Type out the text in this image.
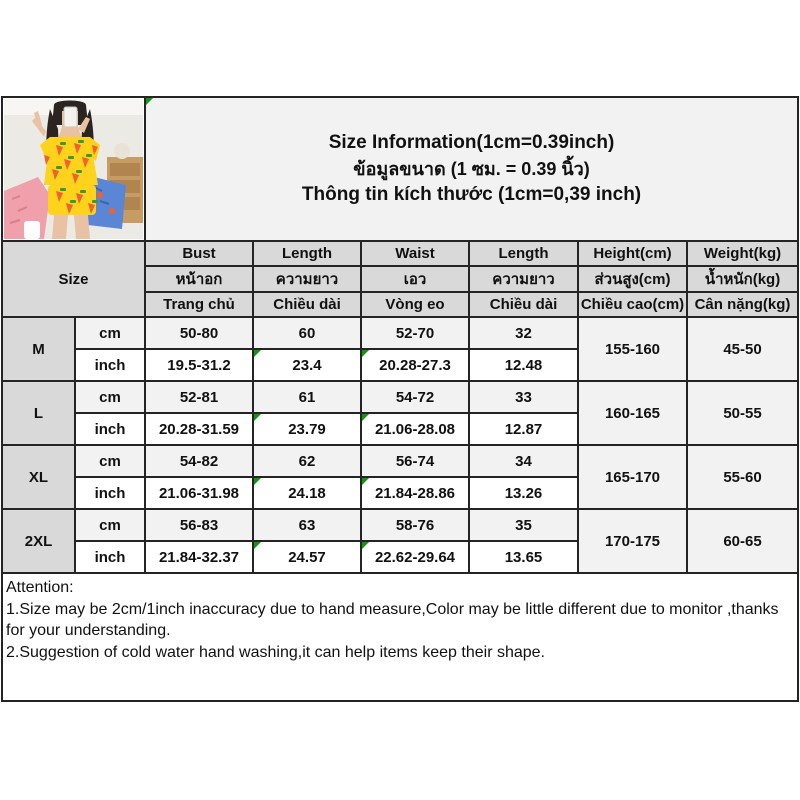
Size Information(1cm=0.39inch)
ข้อมูลขนาด (1 ซม. = 0.39 นิ้ว)
Thông tin kích thước (1cm=0,39 inch)					

Size		Bust	Length	Waist	Length	Height(cm)	Weight(kg)
		หน้าอก	ความยาว	เอว	ความยาว	ส่วนสูง(cm)	น้ำหนัก(kg)
		Trang chủ	Chiều dài	Vòng eo	Chiều dài	Chiều cao(cm)	Cân nặng(kg)
M	cm	50-80	60	52-70	32	155-160	45-50
	inch	19.5-31.2	23.4	20.28-27.3	12.48		
L	cm	52-81	61	54-72	33	160-165	50-55
	inch	20.28-31.59	23.79	21.06-28.08	12.87		
XL	cm	54-82	62	56-74	34	165-170	55-60
	inch	21.06-31.98	24.18	21.84-28.86	13.26		
2XL	cm	56-83	63	58-76	35	170-175	60-65
	inch	21.84-32.37	24.57	22.62-29.64	13.65		
Attention:
1.Size may be 2cm/1inch inaccuracy due to hand measure,Color may be little different due to monitor ,thanks for your understanding.
2.Suggestion of cold water hand washing,it can help items keep their shape.
